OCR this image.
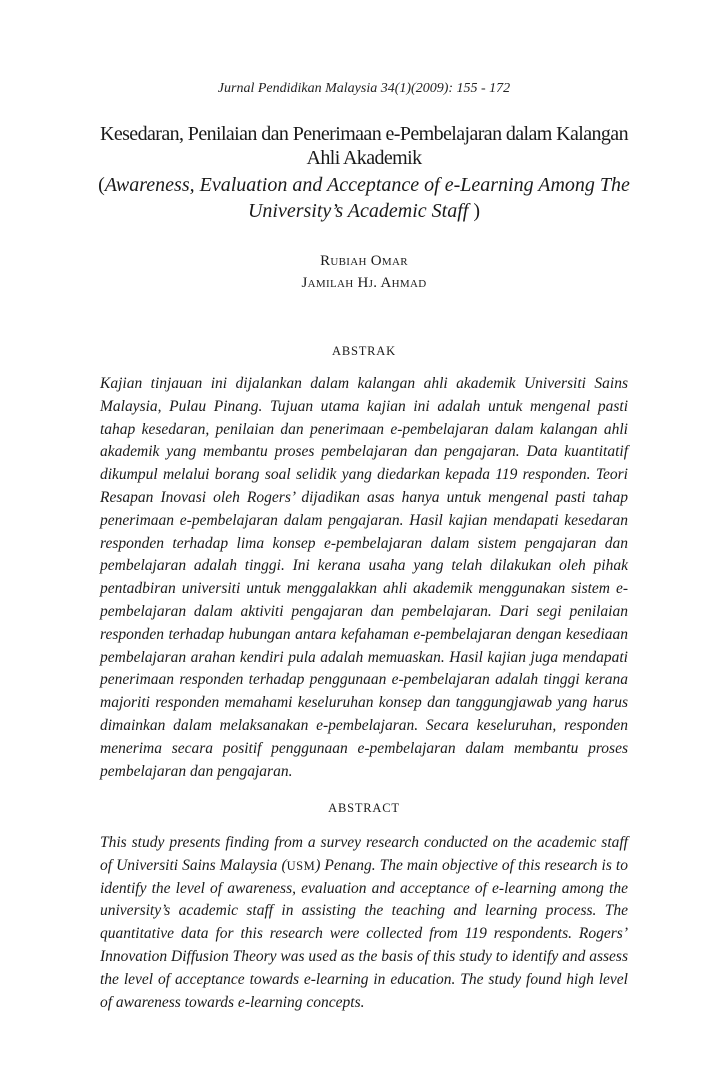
Jurnal Pendidikan Malaysia 34(1)(2009): 155 - 172
Kesedaran, Penilaian dan Penerimaan e-Pembelajaran dalam Kalangan Ahli Akademik
(Awareness, Evaluation and Acceptance of e-Learning Among The University’s Academic Staff )
Rubiah Omar
Jamilah Hj. Ahmad
ABSTRAK
Kajian tinjauan ini dijalankan dalam kalangan ahli akademik Universiti Sains Malaysia, Pulau Pinang. Tujuan utama kajian ini adalah untuk mengenal pasti tahap kesedaran, penilaian dan penerimaan e-pembelajaran dalam kalangan ahli akademik yang membantu proses pembelajaran dan pengajaran. Data kuantitatif dikumpul melalui borang soal selidik yang diedarkan kepada 119 responden. Teori Resapan Inovasi oleh Rogers’ dijadikan asas hanya untuk mengenal pasti tahap penerimaan e-pembelajaran dalam pengajaran. Hasil kajian mendapati kesedaran responden terhadap lima konsep e-pembelajaran dalam sistem pengajaran dan pembelajaran adalah tinggi. Ini kerana usaha yang telah dilakukan oleh pihak pentadbiran universiti untuk menggalakkan ahli akademik menggunakan sistem e-pembelajaran dalam aktiviti pengajaran dan pembelajaran. Dari segi penilaian responden terhadap hubungan antara kefahaman e-pembelajaran dengan kesediaan pembelajaran arahan kendiri pula adalah memuaskan. Hasil kajian juga mendapati penerimaan responden terhadap penggunaan e-pembelajaran adalah tinggi kerana majoriti responden memahami keseluruhan konsep dan tanggungjawab yang harus dimainkan dalam melaksanakan e-pembelajaran. Secara keseluruhan, responden menerima secara positif penggunaan e-pembelajaran dalam membantu proses pembelajaran dan pengajaran.
ABSTRACT
This study presents finding from a survey research conducted on the academic staff of Universiti Sains Malaysia (USM) Penang. The main objective of this research is to identify the level of awareness, evaluation and acceptance of e-learning among the university’s academic staff in assisting the teaching and learning process. The quantitative data for this research were collected from 119 respondents. Rogers’ Innovation Diffusion Theory was used as the basis of this study to identify and assess the level of acceptance towards e-learning in education. The study found high level of awareness towards e-learning concepts.
